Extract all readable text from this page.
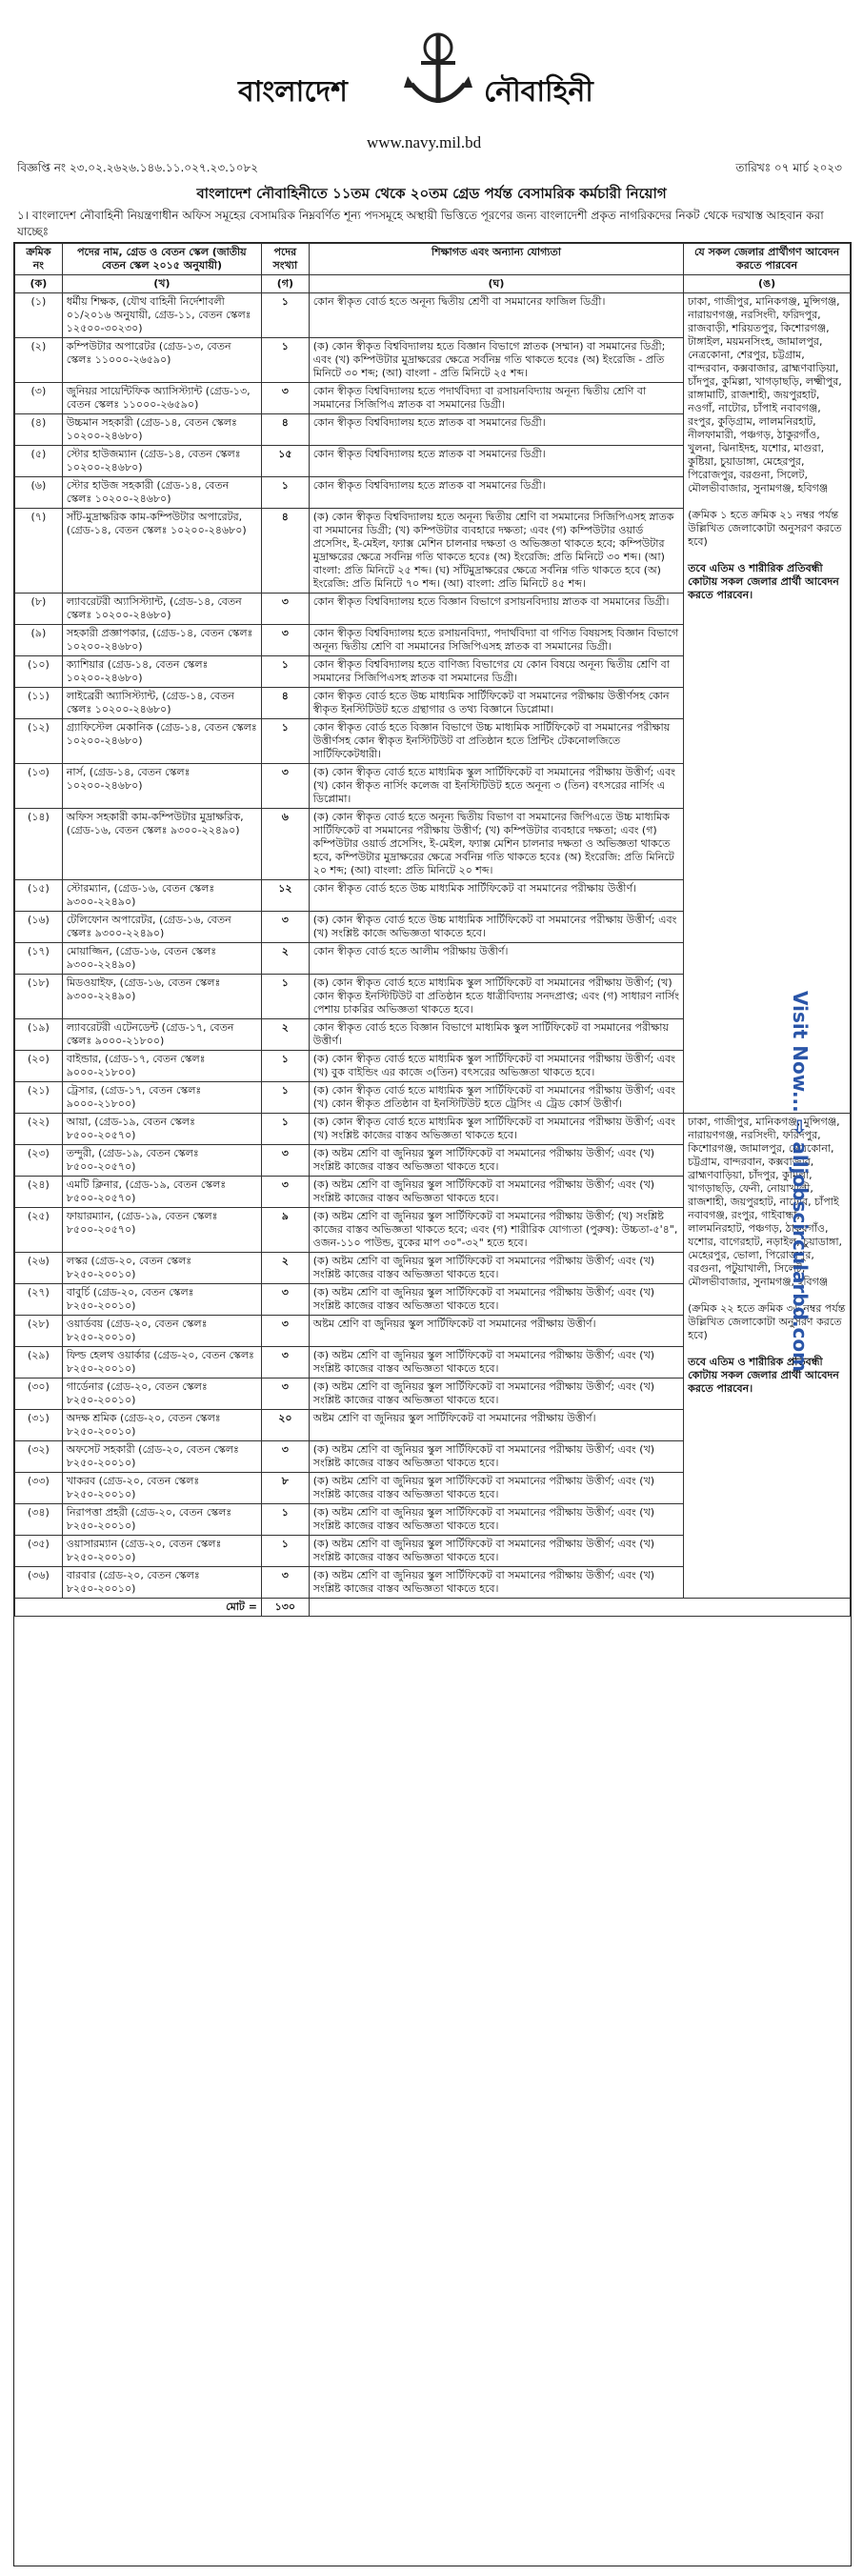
বাংলাদেশ	নৌবাহিনী
www.navy.mil.bd
বিজ্ঞপ্তি নং ২৩.০২.২৬২৬.১৪৬.১১.০২৭.২৩.১০৮২	তারিখঃ ০৭ মার্চ ২০২৩
বাংলাদেশ নৌবাহিনীতে ১১তম থেকে ২০তম গ্রেড পর্যন্ত বেসামরিক কর্মচারী নিয়োগ
১। বাংলাদেশ নৌবাহিনী নিয়ন্ত্রণাধীন অফিস সমূহের বেসামরিক নিম্নবর্ণিত শূন্য পদসমূহে অস্থায়ী ভিত্তিতে পূরণের জন্য বাংলাদেশী প্রকৃত নাগরিকদের নিকট থেকে দরখাস্ত আহবান করা যাচ্ছেঃ
ক্রমিক নং	পদের নাম, গ্রেড ও বেতন স্কেল (জাতীয় বেতন স্কেল ২০১৫ অনুযায়ী)	পদের সংখ্যা	শিক্ষাগত এবং অন্যান্য যোগ্যতা	যে সকল জেলার প্রার্থীগণ আবেদন করতে পারবেন
(ক)	(খ)	(গ)	(ঘ)	(ঙ)
(১)	ধর্মীয় শিক্ষক, (যৌথ বাহিনী নির্দেশাবলী ০১/২০১৬ অনুযায়ী, গ্রেড-১১, বেতন স্কেলঃ ১২৫০০-৩০২৩০)	১	কোন স্বীকৃত বোর্ড হতে অনূন্য দ্বিতীয় শ্রেণী বা সমমানের ফাজিল ডিগ্রী।	ঢাকা, গাজীপুর, মানিকগঞ্জ, মুন্সিগঞ্জ, নারায়ণগঞ্জ, নরসিংদী, ফরিদপুর, রাজবাড়ী, শরিয়তপুর, কিশোরগঞ্জ, টাঙ্গাইল, ময়মনসিংহ, জামালপুর, নেত্রকোনা, শেরপুর, চট্টগ্রাম, বান্দরবান, কক্সবাজার, ব্রাহ্মণবাড়িয়া, চাঁদপুর, কুমিল্লা, খাগড়াছড়ি, লক্ষ্মীপুর, রাঙ্গামাটি, রাজশাহী, জয়পুরহাট, নওগাঁ, নাটোর, চাঁপাই নবাবগঞ্জ, রংপুর, কুড়িগ্রাম, লালমনিরহাট, নীলফামারী, পঞ্চগড়, ঠাকুরগাঁও, খুলনা, ঝিনাইদহ, যশোর, মাগুরা, কুষ্টিয়া, চুয়াডাঙ্গা, মেহেরপুর, পিরোজপুর, বরগুনা, সিলেট, মৌলভীবাজার, সুনামগঞ্জ, হবিগঞ্জ
(ক্রমিক ১ হতে ক্রমিক ২১ নম্বর পর্যন্ত উল্লিখিত জেলাকোটা অনুসরণ করতে হবে)
তবে এতিম ও শারীরিক প্রতিবন্ধী কোটায় সকল জেলার প্রার্থী আবেদন করতে পারবেন।

(২)	কম্পিউটার অপারেটর (গ্রেড-১৩, বেতন স্কেলঃ ১১০০০-২৬৫৯০)	১	(ক) কোন স্বীকৃত বিশ্ববিদ্যালয় হতে বিজ্ঞান বিভাগে স্নাতক (সম্মান) বা সমমানের ডিগ্রী; এবং (খ) কম্পিউটার মুদ্রাক্ষরের ক্ষেত্রে সর্বনিম্ন গতি থাকতে হবেঃ (অ) ইংরেজি - প্রতি মিনিটে ৩০ শব্দ; (আ) বাংলা - প্রতি মিনিটে ২৫ শব্দ।	
(৩)	জুনিয়র সায়েন্টিফিক অ্যাসিস্ট্যান্ট (গ্রেড-১৩, বেতন স্কেলঃ ১১০০০-২৬৫৯০)	৩	কোন স্বীকৃত বিশ্ববিদ্যালয় হতে পদার্থবিদ্যা বা রসায়নবিদ্যায় অনূন্য দ্বিতীয় শ্রেণি বা সমমানের সিজিপিএ স্নাতক বা সমমানের ডিগ্রী।	
(৪)	উচ্চমান সহকারী (গ্রেড-১৪, বেতন স্কেলঃ ১০২০০-২৪৬৮০)	৪	কোন স্বীকৃত বিশ্ববিদ্যালয় হতে স্নাতক বা সমমানের ডিগ্রী।	
(৫)	স্টোর হাউজম্যান (গ্রেড-১৪, বেতন স্কেলঃ ১০২০০-২৪৬৮০)	১৫	কোন স্বীকৃত বিশ্ববিদ্যালয় হতে স্নাতক বা সমমানের ডিগ্রী।	
(৬)	স্টোর হাউজ সহকারী (গ্রেড-১৪, বেতন স্কেলঃ ১০২০০-২৪৬৮০)	১	কোন স্বীকৃত বিশ্ববিদ্যালয় হতে স্নাতক বা সমমানের ডিগ্রী।	
(৭)	সাঁট-মুদ্রাক্ষরিক কাম-কম্পিউটার অপারেটর, (গ্রেড-১৪, বেতন স্কেলঃ ১০২০০-২৪৬৮০)	৪	(ক) কোন স্বীকৃত বিশ্ববিদ্যালয় হতে অনূন্য দ্বিতীয় শ্রেণি বা সমমানের সিজিপিএসহ স্নাতক বা সমমানের ডিগ্রী; (খ) কম্পিউটার ব্যবহারে দক্ষতা; এবং (গ) কম্পিউটার ওয়ার্ড প্রসেসিং, ই-মেইল, ফ্যাক্স মেশিন চালনার দক্ষতা ও অভিজ্ঞতা থাকতে হবে; কম্পিউটার মুদ্রাক্ষরের ক্ষেত্রে সর্বনিম্ন গতি থাকতে হবেঃ (অ) ইংরেজি: প্রতি মিনিটে ৩০ শব্দ। (আ) বাংলা: প্রতি মিনিটে ২৫ শব্দ। (ঘ) সাঁটমুদ্রাক্ষরের ক্ষেত্রে সর্বনিম্ন গতি থাকতে হবে (অ) ইংরেজি: প্রতি মিনিটে ৭০ শব্দ। (আ) বাংলা: প্রতি মিনিটে ৪৫ শব্দ।	
(৮)	ল্যাবরেটরী অ্যাসিস্ট্যান্ট, (গ্রেড-১৪, বেতন স্কেলঃ ১০২০০-২৪৬৮০)	৩	কোন স্বীকৃত বিশ্ববিদ্যালয় হতে বিজ্ঞান বিভাগে রসায়নবিদ্যায় স্নাতক বা সমমানের ডিগ্রী।	
(৯)	সহকারী প্রজ্ঞাপকার, (গ্রেড-১৪, বেতন স্কেলঃ ১০২০০-২৪৬৮০)	৩	কোন স্বীকৃত বিশ্ববিদ্যালয় হতে রসায়নবিদ্যা, পদার্থবিদ্যা বা গণিত বিষয়সহ বিজ্ঞান বিভাগে অনূন্য দ্বিতীয় শ্রেণি বা সমমানের সিজিপিএসহ স্নাতক বা সমমানের ডিগ্রী।	
(১০)	ক্যাশিয়ার (গ্রেড-১৪, বেতন স্কেলঃ ১০২০০-২৪৬৮০)	১	কোন স্বীকৃত বিশ্ববিদ্যালয় হতে বাণিজ্য বিভাগের যে কোন বিষয়ে অনূন্য দ্বিতীয় শ্রেণি বা সমমানের সিজিপিএসহ স্নাতক বা সমমানের ডিগ্রী।	
(১১)	লাইব্রেরী অ্যাসিস্ট্যান্ট, (গ্রেড-১৪, বেতন স্কেলঃ ১০২০০-২৪৬৮০)	৪	কোন স্বীকৃত বোর্ড হতে উচ্চ মাধ্যমিক সার্টিফিকেট বা সমমানের পরীক্ষায় উত্তীর্ণসহ কোন স্বীকৃত ইনস্টিটিউট হতে গ্রন্থাগার ও তথ্য বিজ্ঞানে ডিপ্লোমা।	
(১২)	গ্র্যাফিস্টেল মেকানিক (গ্রেড-১৪, বেতন স্কেলঃ ১০২০০-২৪৬৮০)	১	কোন স্বীকৃত বোর্ড হতে বিজ্ঞান বিভাগে উচ্চ মাধ্যমিক সার্টিফিকেট বা সমমানের পরীক্ষায় উত্তীর্ণসহ কোন স্বীকৃত ইনস্টিটিউট বা প্রতিষ্ঠান হতে প্রিন্টিং টেকনোলজিতে সার্টিফিকেটধারী।	
(১৩)	নার্স, (গ্রেড-১৪, বেতন স্কেলঃ ১০২০০-২৪৬৮০)	৩	(ক) কোন স্বীকৃত বোর্ড হতে মাধ্যমিক স্কুল সার্টিফিকেট বা সমমানের পরীক্ষায় উত্তীর্ণ; এবং (খ) কোন স্বীকৃত নার্সিং কলেজ বা ইনস্টিটিউট হতে অনূন্য ৩ (তিন) বৎসরের নার্সিং এ ডিপ্লোমা।	
(১৪)	অফিস সহকারী কাম-কম্পিউটার মুদ্রাক্ষরিক, (গ্রেড-১৬, বেতন স্কেলঃ ৯৩০০-২২৪৯০)	৬	(ক) কোন স্বীকৃত বোর্ড হতে অনূন্য দ্বিতীয় বিভাগ বা সমমানের জিপিএতে উচ্চ মাধ্যমিক সার্টিফিকেট বা সমমানের পরীক্ষায় উত্তীর্ণ; (খ) কম্পিউটার ব্যবহারে দক্ষতা; এবং (গ) কম্পিউটার ওয়ার্ড প্রসেসিং, ই-মেইল, ফ্যাক্স মেশিন চালনার দক্ষতা ও অভিজ্ঞতা থাকতে হবে, কম্পিউটার মুদ্রাক্ষরের ক্ষেত্রে সর্বনিম্ন গতি থাকতে হবেঃ (অ) ইংরেজি: প্রতি মিনিটে ২০ শব্দ; (আ) বাংলা: প্রতি মিনিটে ২০ শব্দ।	
(১৫)	স্টোরম্যান, (গ্রেড-১৬, বেতন স্কেলঃ ৯৩০০-২২৪৯০)	১২	কোন স্বীকৃত বোর্ড হতে উচ্চ মাধ্যমিক সার্টিফিকেট বা সমমানের পরীক্ষায় উত্তীর্ণ।	
(১৬)	টেলিফোন অপারেটর, (গ্রেড-১৬, বেতন স্কেলঃ ৯৩০০-২২৪৯০)	৩	(ক) কোন স্বীকৃত বোর্ড হতে উচ্চ মাধ্যমিক সার্টিফিকেট বা সমমানের পরীক্ষায় উত্তীর্ণ; এবং (খ) সংশ্লিষ্ট কাজে অভিজ্ঞতা থাকতে হবে।	
(১৭)	মোয়াজ্জিন, (গ্রেড-১৬, বেতন স্কেলঃ ৯৩০০-২২৪৯০)	২	কোন স্বীকৃত বোর্ড হতে আলীম পরীক্ষায় উত্তীর্ণ।	
(১৮)	মিডওয়াইফ, (গ্রেড-১৬, বেতন স্কেলঃ ৯৩০০-২২৪৯০)	১	(ক) কোন স্বীকৃত বোর্ড হতে মাধ্যমিক স্কুল সার্টিফিকেট বা সমমানের পরীক্ষায় উত্তীর্ণ; (খ) কোন স্বীকৃত ইনস্টিটিউট বা প্রতিষ্ঠান হতে ধাত্রীবিদ্যায় সনদপ্রাপ্ত; এবং (গ) সাধারণ নার্সিং পেশায় চাকরির অভিজ্ঞতা থাকতে হবে।	
(১৯)	ল্যাবরেটরী এটেনডেন্ট (গ্রেড-১৭, বেতন স্কেলঃ ৯০০০-২১৮০০)	২	কোন স্বীকৃত বোর্ড হতে বিজ্ঞান বিভাগে মাধ্যমিক স্কুল সার্টিফিকেট বা সমমানের পরীক্ষায় উত্তীর্ণ।	
(২০)	বাইন্ডার, (গ্রেড-১৭, বেতন স্কেলঃ ৯০০০-২১৮০০)	১	(ক) কোন স্বীকৃত বোর্ড হতে মাধ্যমিক স্কুল সার্টিফিকেট বা সমমানের পরীক্ষায় উত্তীর্ণ; এবং (খ) বুক বাইন্ডিং এর কাজে ৩(তিন) বৎসরের অভিজ্ঞতা থাকতে হবে।	
(২১)	ট্রেসার, (গ্রেড-১৭, বেতন স্কেলঃ ৯০০০-২১৮০০)	১	(ক) কোন স্বীকৃত বোর্ড হতে মাধ্যমিক স্কুল সার্টিফিকেট বা সমমানের পরীক্ষায় উত্তীর্ণ; এবং (খ) কোন স্বীকৃত প্রতিষ্ঠান বা ইনস্টিটিউট হতে ট্রেসিং এ ট্রেড কোর্স উত্তীর্ণ।	
(২২)	আয়া, (গ্রেড-১৯, বেতন স্কেলঃ ৮৫০০-২০৫৭০)	১	(ক) কোন স্বীকৃত বোর্ড হতে মাধ্যমিক স্কুল সার্টিফিকেট বা সমমানের পরীক্ষায় উত্তীর্ণ; এবং (খ) সংশ্লিষ্ট কাজের বাস্তব অভিজ্ঞতা থাকতে হবে।	ঢাকা, গাজীপুর, মানিকগঞ্জ, মুন্সিগঞ্জ, নারায়ণগঞ্জ, নরসিংদী, ফরিদপুর, কিশোরগঞ্জ, জামালপুর, নেত্রকোনা, চট্টগ্রাম, বান্দরবান, কক্সবাজার, ব্রাহ্মণবাড়িয়া, চাঁদপুর, কুমিল্লা, খাগড়াছড়ি, ফেনী, নোয়াখালী, রাজশাহী, জয়পুরহাট, নাটোর, চাঁপাই নবাবগঞ্জ, রংপুর, গাইবান্ধা, লালমনিরহাট, পঞ্চগড়, ঠাকুরগাঁও, যশোর, বাগেরহাট, নড়াইল, চুয়াডাঙ্গা, মেহেরপুর, ভোলা, পিরোজপুর, বরগুনা, পটুয়াখালী, সিলেট, মৌলভীবাজার, সুনামগঞ্জ, হবিগঞ্জ
(ক্রমিক ২২ হতে ক্রমিক ৩৬ নম্বর পর্যন্ত উল্লিখিত জেলাকোটা অনুসরণ করতে হবে)
তবে এতিম ও শারীরিক প্রতিবন্ধী কোটায় সকল জেলার প্রার্থী আবেদন করতে পারবেন।

(২৩)	তন্দুরী, (গ্রেড-১৯, বেতন স্কেলঃ ৮৫০০-২০৫৭০)	৩	(ক) অষ্টম শ্রেণি বা জুনিয়র স্কুল সার্টিফিকেট বা সমমানের পরীক্ষায় উত্তীর্ণ; এবং (খ) সংশ্লিষ্ট কাজের বাস্তব অভিজ্ঞতা থাকতে হবে।	
(২৪)	এমটি ক্লিনার, (গ্রেড-১৯, বেতন স্কেলঃ ৮৫০০-২০৫৭০)	৩	(ক) অষ্টম শ্রেণি বা জুনিয়র স্কুল সার্টিফিকেট বা সমমানের পরীক্ষায় উত্তীর্ণ; এবং (খ) সংশ্লিষ্ট কাজের বাস্তব অভিজ্ঞতা থাকতে হবে।	
(২৫)	ফায়ারম্যান, (গ্রেড-১৯, বেতন স্কেলঃ ৮৫০০-২০৫৭০)	৯	(ক) অষ্টম শ্রেণি বা জুনিয়র স্কুল সার্টিফিকেট বা সমমানের পরীক্ষায় উত্তীর্ণ; (খ) সংশ্লিষ্ট কাজের বাস্তব অভিজ্ঞতা থাকতে হবে; এবং (গ) শারীরিক যোগ্যতা (পুরুষ): উচ্চতা-৫'৪", ওজন-১১০ পাউন্ড, বুকের মাপ ৩০"-৩২" হতে হবে।	
(২৬)	লস্কর (গ্রেড-২০, বেতন স্কেলঃ ৮২৫০-২০০১০)	২	(ক) অষ্টম শ্রেণি বা জুনিয়র স্কুল সার্টিফিকেট বা সমমানের পরীক্ষায় উত্তীর্ণ; এবং (খ) সংশ্লিষ্ট কাজের বাস্তব অভিজ্ঞতা থাকতে হবে।	
(২৭)	বাবুর্চি (গ্রেড-২০, বেতন স্কেলঃ ৮২৫০-২০০১০)	৩	(ক) অষ্টম শ্রেণি বা জুনিয়র স্কুল সার্টিফিকেট বা সমমানের পরীক্ষায় উত্তীর্ণ; এবং (খ) সংশ্লিষ্ট কাজের বাস্তব অভিজ্ঞতা থাকতে হবে।	
(২৮)	ওয়ার্ডবয় (গ্রেড-২০, বেতন স্কেলঃ ৮২৫০-২০০১০)	৩	অষ্টম শ্রেণি বা জুনিয়র স্কুল সার্টিফিকেট বা সমমানের পরীক্ষায় উত্তীর্ণ।	
(২৯)	ফিল্ড হেলথ ওয়ার্কার (গ্রেড-২০, বেতন স্কেলঃ ৮২৫০-২০০১০)	৩	(ক) অষ্টম শ্রেণি বা জুনিয়র স্কুল সার্টিফিকেট বা সমমানের পরীক্ষায় উত্তীর্ণ; এবং (খ) সংশ্লিষ্ট কাজের বাস্তব অভিজ্ঞতা থাকতে হবে।	
(৩০)	গার্ডেনার (গ্রেড-২০, বেতন স্কেলঃ ৮২৫০-২০০১০)	৩	(ক) অষ্টম শ্রেণি বা জুনিয়র স্কুল সার্টিফিকেট বা সমমানের পরীক্ষায় উত্তীর্ণ; এবং (খ) সংশ্লিষ্ট কাজের বাস্তব অভিজ্ঞতা থাকতে হবে।	
(৩১)	অদক্ষ শ্রমিক (গ্রেড-২০, বেতন স্কেলঃ ৮২৫০-২০০১০)	২০	অষ্টম শ্রেণি বা জুনিয়র স্কুল সার্টিফিকেট বা সমমানের পরীক্ষায় উত্তীর্ণ।	
(৩২)	অফসেট সহকারী (গ্রেড-২০, বেতন স্কেলঃ ৮২৫০-২০০১০)	৩	(ক) অষ্টম শ্রেণি বা জুনিয়র স্কুল সার্টিফিকেট বা সমমানের পরীক্ষায় উত্তীর্ণ; এবং (খ) সংশ্লিষ্ট কাজের বাস্তব অভিজ্ঞতা থাকতে হবে।	
(৩৩)	খাকরব (গ্রেড-২০, বেতন স্কেলঃ ৮২৫০-২০০১০)	৮	(ক) অষ্টম শ্রেণি বা জুনিয়র স্কুল সার্টিফিকেট বা সমমানের পরীক্ষায় উত্তীর্ণ; এবং (খ) সংশ্লিষ্ট কাজের বাস্তব অভিজ্ঞতা থাকতে হবে।	
(৩৪)	নিরাপত্তা প্রহরী (গ্রেড-২০, বেতন স্কেলঃ ৮২৫০-২০০১০)	১	(ক) অষ্টম শ্রেণি বা জুনিয়র স্কুল সার্টিফিকেট বা সমমানের পরীক্ষায় উত্তীর্ণ; এবং (খ) সংশ্লিষ্ট কাজের বাস্তব অভিজ্ঞতা থাকতে হবে।	
(৩৫)	ওয়াসারম্যান (গ্রেড-২০, বেতন স্কেলঃ ৮২৫০-২০০১০)	১	(ক) অষ্টম শ্রেণি বা জুনিয়র স্কুল সার্টিফিকেট বা সমমানের পরীক্ষায় উত্তীর্ণ; এবং (খ) সংশ্লিষ্ট কাজের বাস্তব অভিজ্ঞতা থাকতে হবে।	
(৩৬)	বারবার (গ্রেড-২০, বেতন স্কেলঃ ৮২৫০-২০০১০)	৩	(ক) অষ্টম শ্রেণি বা জুনিয়র স্কুল সার্টিফিকেট বা সমমানের পরীক্ষায় উত্তীর্ণ; এবং (খ) সংশ্লিষ্ট কাজের বাস্তব অভিজ্ঞতা থাকতে হবে।	
মোট =		১৩০		
Visit Now... ⇨ alljobscircularbd.com
